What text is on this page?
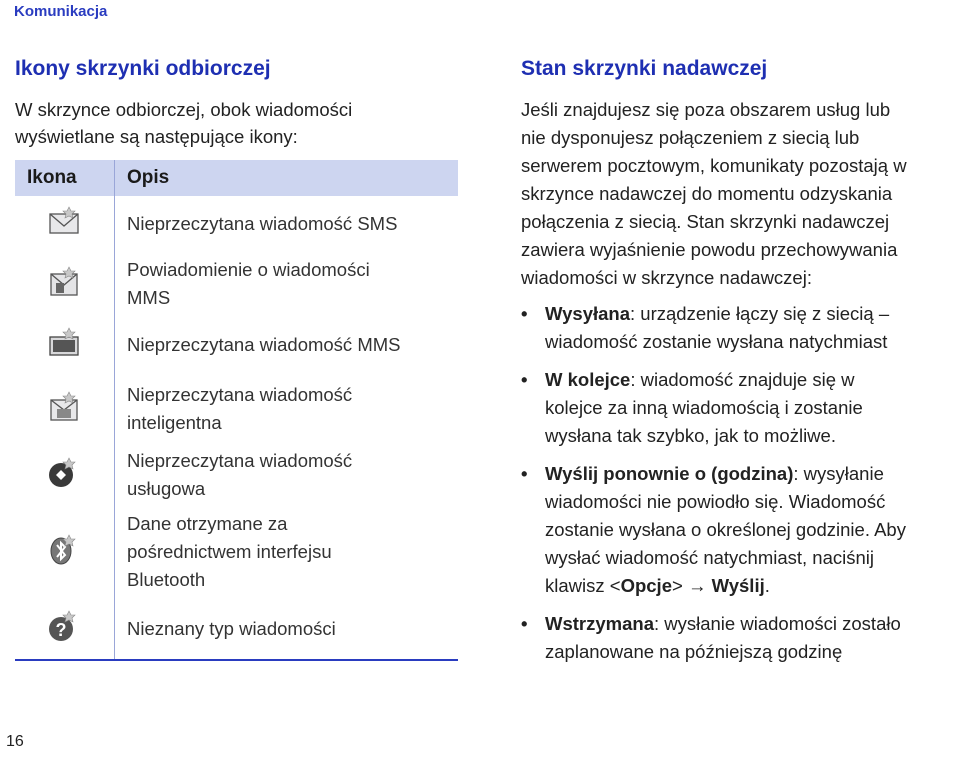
Komunikacja
Ikony skrzynki odbiorczej

W skrzynce odbiorczej, obok wiadomości
wyświetlane są następujące ikony:

Ikona	Opis

	Nieprzeczytana wiadomość SMS

	Powiadomienie o wiadomości
MMS

	Nieprzeczytana wiadomość MMS

	Nieprzeczytana wiadomość
inteligentna

	Nieprzeczytana wiadomość
usługowa

	Dane otrzymane za
pośrednictwem interfejsu
Bluetooth

?	Nieznany typ wiadomości
Stan skrzynki nadawczej

Jeśli znajdujesz się poza obszarem usług lub
nie dysponujesz połączeniem z siecią lub
serwerem pocztowym, komunikaty pozostają w
skrzynce nadawczej do momentu odzyskania
połączenia z siecią. Stan skrzynki nadawczej
zawiera wyjaśnienie powodu przechowywania
wiadomości w skrzynce nadawczej:

• Wysyłana: urządzenie łączy się z siecią –
wiadomość zostanie wysłana natychmiast
• W kolejce: wiadomość znajduje się w
kolejce za inną wiadomością i zostanie
wysłana tak szybko, jak to możliwe.
• Wyślij ponownie o (godzina): wysyłanie
wiadomości nie powiodło się. Wiadomość
zostanie wysłana o określonej godzinie. Aby
wysłać wiadomość natychmiast, naciśnij
klawisz <Opcje> → Wyślij.
• Wstrzymana: wysłanie wiadomości zostało
zaplanowane na późniejszą godzinę
16
